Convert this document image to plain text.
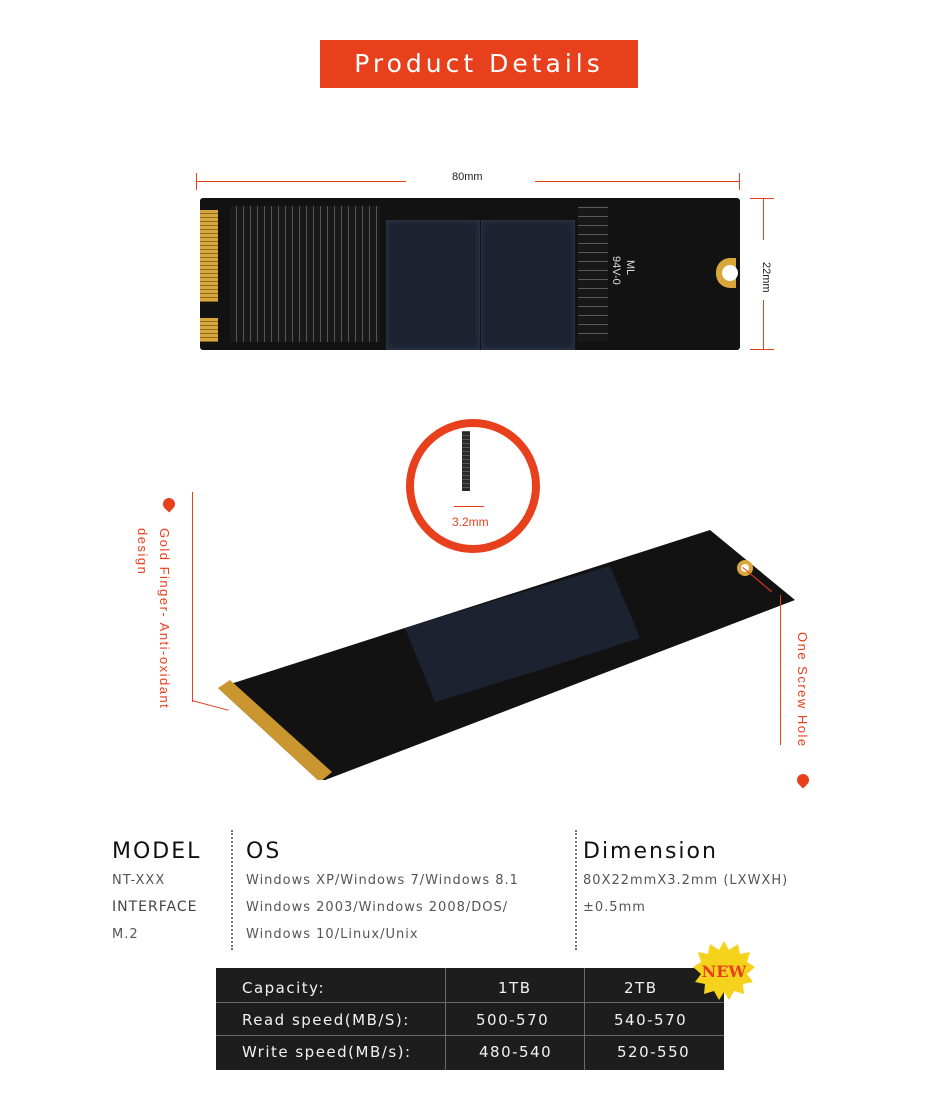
Product Details
80mm
22mm
ML
94V-0
3.2mm
Gold Finger- Anti-oxidant
design
One Screw Hole
MODEL
NT-XXX
INTERFACE
M.2
OS
Windows XP/Windows 7/Windows 8.1
Windows 2003/Windows 2008/DOS/
Windows 10/Linux/Unix
Dimension
80X22mmX3.2mm (LXWXH)
±0.5mm
Capacity:	1TB	2TB
Read speed(MB/S):	500-570	540-570
Write speed(MB/s):	480-540	520-550
NEW
